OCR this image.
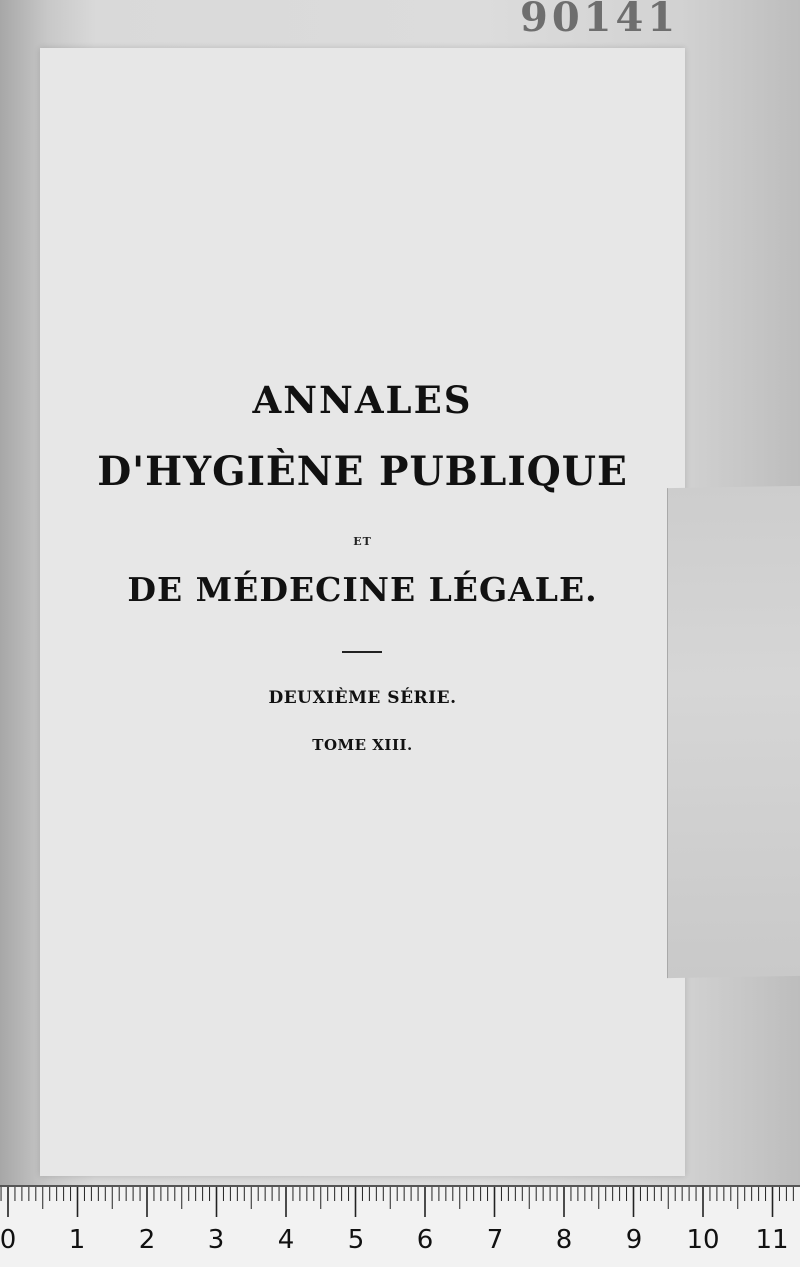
90141
ANNALES
D'HYGIÈNE PUBLIQUE
ET
DE MÉDECINE LÉGALE.
DEUXIÈME SÉRIE.
TOME XIII.
0 1 2 3 4 5 6 7 8 9 10 11
